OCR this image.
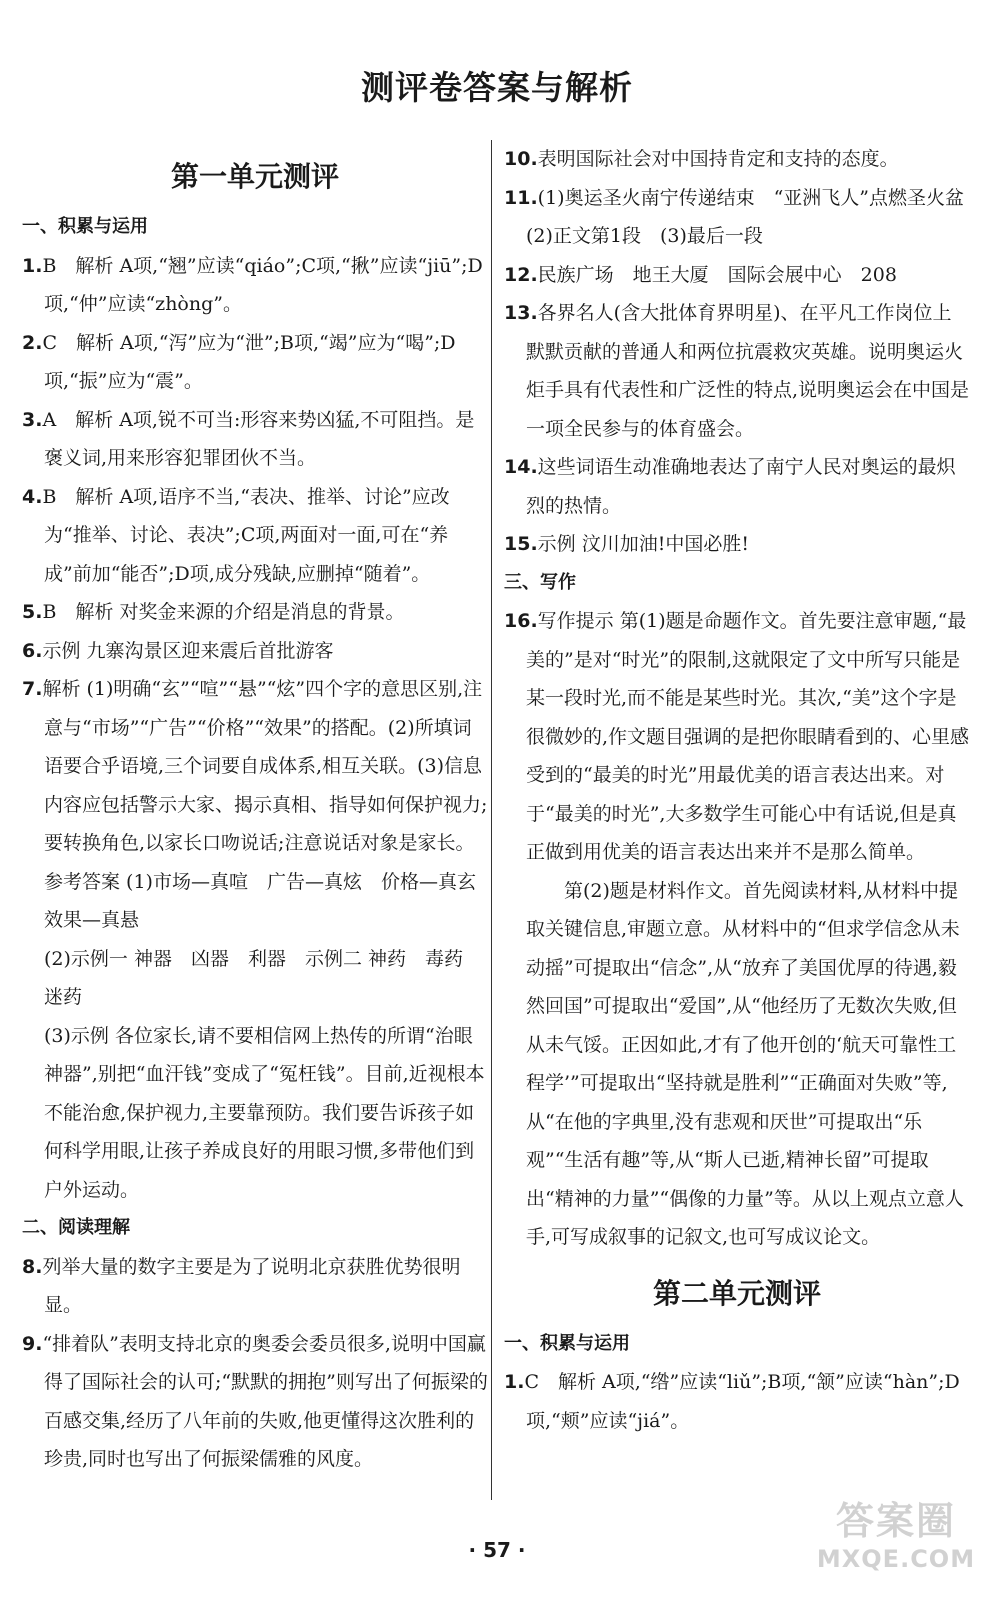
测评卷答案与解析
第一单元测评
一、积累与运用
1.B　解析 A项,“翘”应读“qiáo”;C项,“揪”应读“jiū”;D项,“仲”应读“zhòng”。
2.C　解析 A项,“泻”应为“泄”;B项,“竭”应为“喝”;D项,“振”应为“震”。
3.A　解析 A项,锐不可当:形容来势凶猛,不可阻挡。是褒义词,用来形容犯罪团伙不当。
4.B　解析 A项,语序不当,“表决、推举、讨论”应改为“推举、讨论、表决”;C项,两面对一面,可在“养成”前加“能否”;D项,成分残缺,应删掉“随着”。
5.B　解析 对奖金来源的介绍是消息的背景。
6.示例 九寨沟景区迎来震后首批游客
7.解析 (1)明确“玄”“喧”“悬”“炫”四个字的意思区别,注意与“市场”“广告”“价格”“效果”的搭配。(2)所填词语要合乎语境,三个词要自成体系,相互关联。(3)信息内容应包括警示大家、揭示真相、指导如何保护视力;要转换角色,以家长口吻说话;注意说话对象是家长。
参考答案 (1)市场—真喧　广告—真炫　价格—真玄　效果—真悬
(2)示例一 神器　凶器　利器　示例二 神药　毒药　迷药
(3)示例 各位家长,请不要相信网上热传的所谓“治眼神器”,别把“血汗钱”变成了“冤枉钱”。目前,近视根本不能治愈,保护视力,主要靠预防。我们要告诉孩子如何科学用眼,让孩子养成良好的用眼习惯,多带他们到户外运动。
二、阅读理解
8.列举大量的数字主要是为了说明北京获胜优势很明显。
9.“排着队”表明支持北京的奥委会委员很多,说明中国赢得了国际社会的认可;“默默的拥抱”则写出了何振梁的百感交集,经历了八年前的失败,他更懂得这次胜利的珍贵,同时也写出了何振梁儒雅的风度。
10.表明国际社会对中国持肯定和支持的态度。
11.(1)奥运圣火南宁传递结束　“亚洲飞人”点燃圣火盆　(2)正文第1段　(3)最后一段
12.民族广场　地王大厦　国际会展中心　208
13.各界名人(含大批体育界明星)、在平凡工作岗位上默默贡献的普通人和两位抗震救灾英雄。说明奥运火炬手具有代表性和广泛性的特点,说明奥运会在中国是一项全民参与的体育盛会。
14.这些词语生动准确地表达了南宁人民对奥运的最炽烈的热情。
15.示例 汶川加油!中国必胜!
三、写作
16.写作提示 第(1)题是命题作文。首先要注意审题,“最美的”是对“时光”的限制,这就限定了文中所写只能是某一段时光,而不能是某些时光。其次,“美”这个字是很微妙的,作文题目强调的是把你眼睛看到的、心里感受到的“最美的时光”用最优美的语言表达出来。对于“最美的时光”,大多数学生可能心中有话说,但是真正做到用优美的语言表达出来并不是那么简单。
第(2)题是材料作文。首先阅读材料,从材料中提取关键信息,审题立意。从材料中的“但求学信念从未动摇”可提取出“信念”,从“放弃了美国优厚的待遇,毅然回国”可提取出“爱国”,从“他经历了无数次失败,但从未气馁。正因如此,才有了他开创的‘航天可靠性工程学’”可提取出“坚持就是胜利”“正确面对失败”等,从“在他的字典里,没有悲观和厌世”可提取出“乐观”“生活有趣”等,从“斯人已逝,精神长留”可提取出“精神的力量”“偶像的力量”等。从以上观点立意人手,可写成叙事的记叙文,也可写成议论文。
第二单元测评
一、积累与运用
1.C　解析 A项,“绺”应读“liǔ”;B项,“颔”应读“hàn”;D项,“颊”应读“jiá”。
· 57 ·
答案圈
MXQE.COM
